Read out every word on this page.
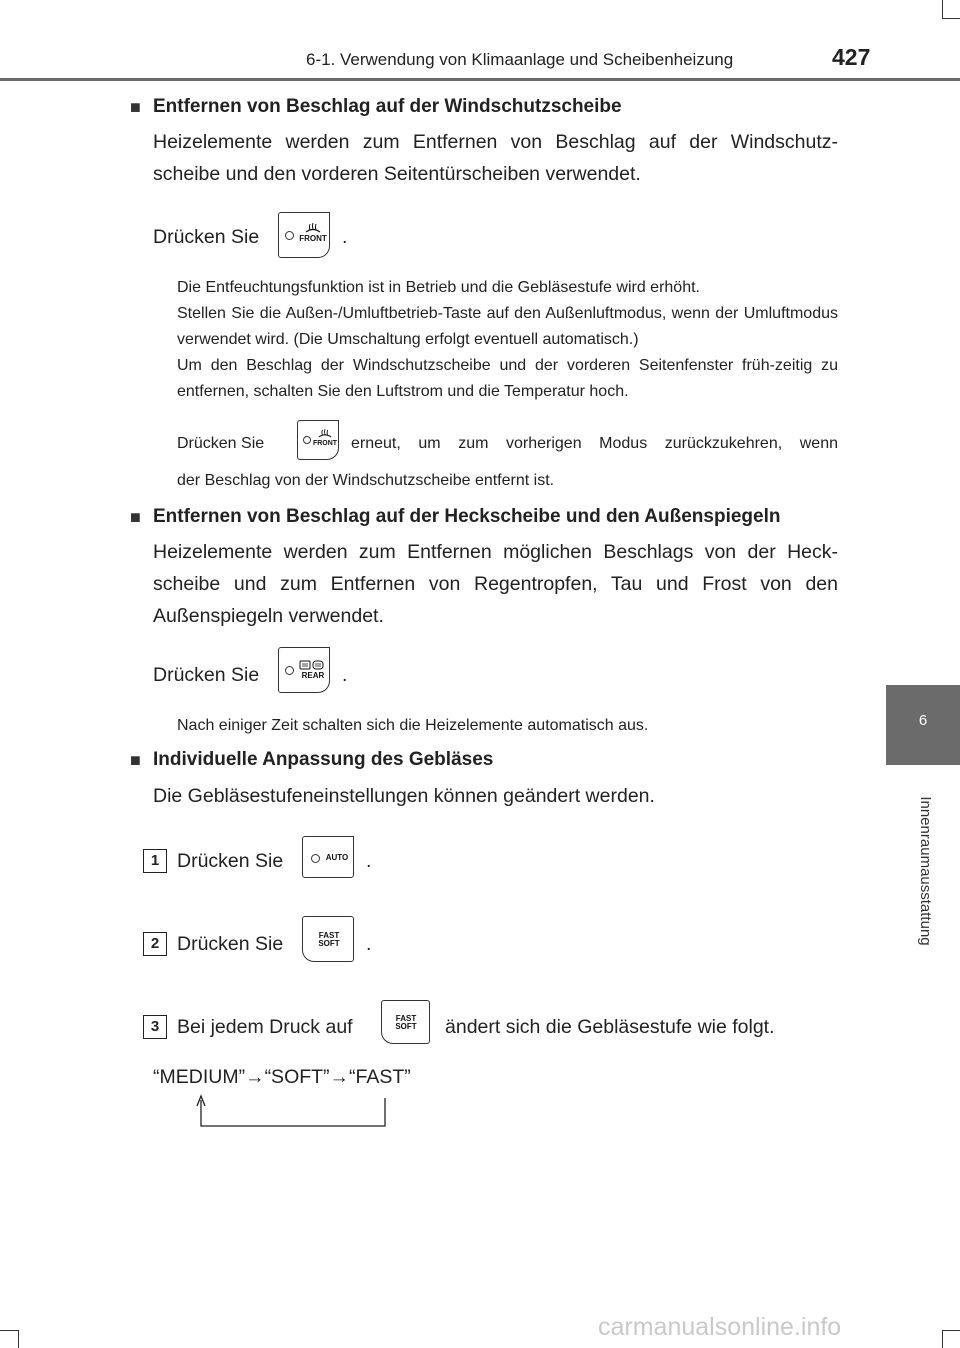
6-1. Verwendung von Klimaanlage und Scheibenheizung	427
6
Innenraumausstattung
■ Entfernen von Beschlag auf der Windschutzscheibe
Heizelemente werden zum Entfernen von Beschlag auf der Windschutz-scheibe und den vorderen Seitentürscheiben verwendet.
Drücken Sie	FRONT .
Die Entfeuchtungsfunktion ist in Betrieb und die Gebläsestufe wird erhöht.
Stellen Sie die Außen-/Umluftbetrieb-Taste auf den Außenluftmodus, wenn der Umluftmodus verwendet wird. (Die Umschaltung erfolgt eventuell automatisch.)
Um den Beschlag der Windschutzscheibe und der vorderen Seitenfenster früh-zeitig zu entfernen, schalten Sie den Luftstrom und die Temperatur hoch.
Drücken Sie	FRONT erneut, um zum vorherigen Modus zurückzukehren, wenn
der Beschlag von der Windschutzscheibe entfernt ist.
■ Entfernen von Beschlag auf der Heckscheibe und den Außenspiegeln
Heizelemente werden zum Entfernen möglichen Beschlags von der Heck-scheibe und zum Entfernen von Regentropfen, Tau und Frost von den Außenspiegeln verwendet.
Drücken Sie	REAR .
Nach einiger Zeit schalten sich die Heizelemente automatisch aus.
■ Individuelle Anpassung des Gebläses
Die Gebläsestufeneinstellungen können geändert werden.
1 Drücken Sie	AUTO .
2 Drücken Sie	FAST
SOFT .
3 Bei jedem Druck auf	FAST
SOFT ändert sich die Gebläsestufe wie folgt.
“MEDIUM”→“SOFT”→“FAST”
carmanualsonline.info
